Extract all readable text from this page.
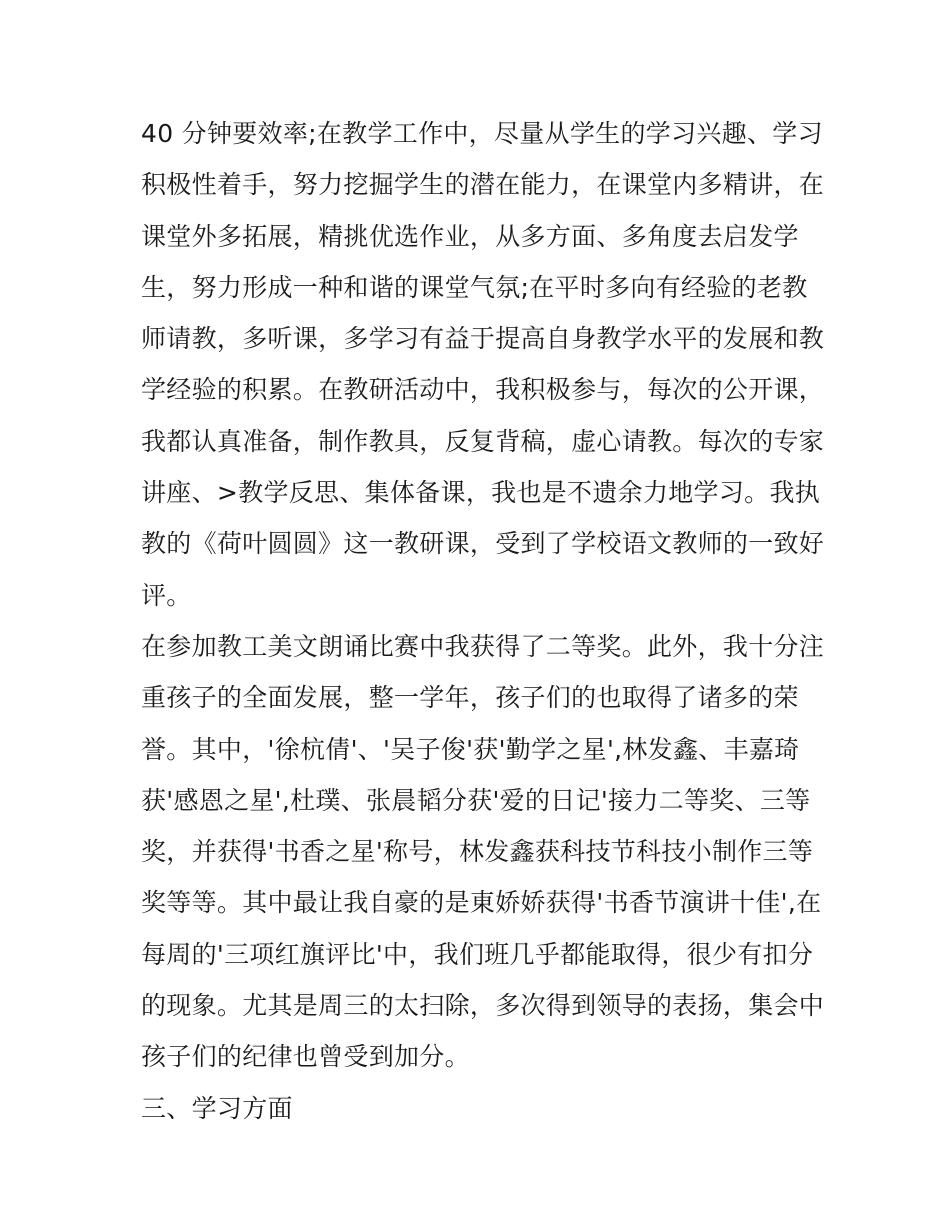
40 分钟要效率;在教学工作中，尽量从学生的学习兴趣、学习
积极性着手，努力挖掘学生的潜在能力，在课堂内多精讲，在
课堂外多拓展，精挑优选作业，从多方面、多角度去启发学
生，努力形成一种和谐的课堂气氛;在平时多向有经验的老教
师请教，多听课，多学习有益于提高自身教学水平的发展和教
学经验的积累。在教研活动中，我积极参与，每次的公开课，
我都认真准备，制作教具，反复背稿，虚心请教。每次的专家
讲座、>教学反思、集体备课，我也是不遗余力地学习。我执
教的《荷叶圆圆》这一教研课，受到了学校语文教师的一致好
评。
在参加教工美文朗诵比赛中我获得了二等奖。此外，我十分注
重孩子的全面发展，整一学年，孩子们的也取得了诸多的荣
誉。其中，'徐杭倩'、'吴子俊'获'勤学之星',林发鑫、丰嘉琦
获'感恩之星',杜璞、张晨韬分获'爱的日记'接力二等奖、三等
奖，并获得'书香之星'称号，林发鑫获科技节科技小制作三等
奖等等。其中最让我自豪的是東娇娇获得'书香节演讲十佳',在
每周的'三项红旗评比'中，我们班几乎都能取得，很少有扣分
的现象。尤其是周三的太扫除，多次得到领导的表扬，集会中
孩子们的纪律也曾受到加分。
三、学习方面
